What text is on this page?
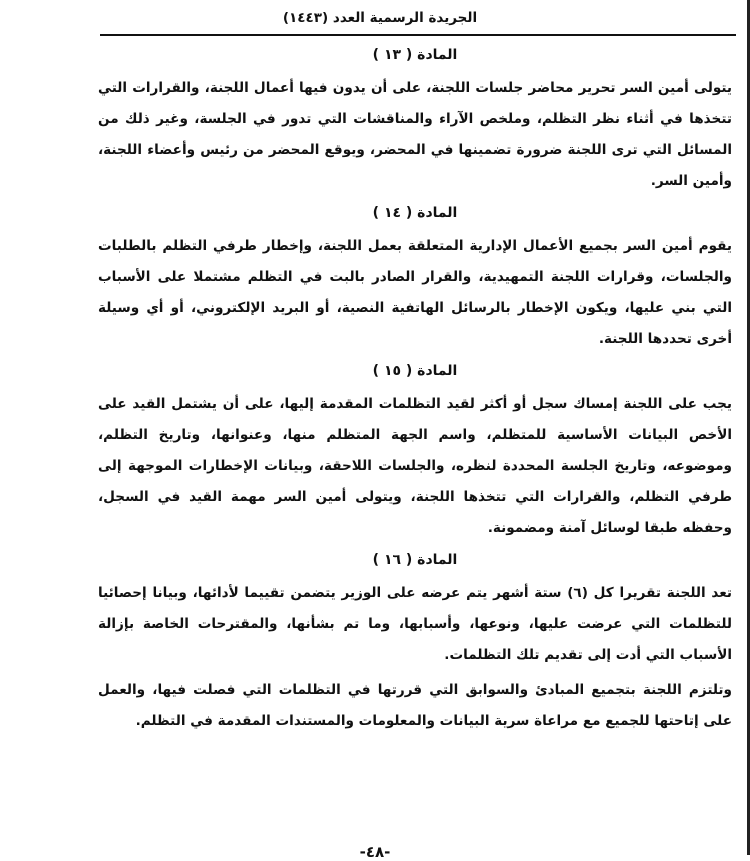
الجريدة الرسمية العدد (١٤٤٣)
المادة ( ١٣ )

يتولى أمين السر تحرير محاضر جلسات اللجنة، على أن يدون فيها أعمال اللجنة، والقرارات التي تتخذها في أثناء نظر التظلم، وملخص الآراء والمناقشات التي تدور في الجلسة، وغير ذلك من المسائل التي ترى اللجنة ضرورة تضمينها في المحضر، ويوقع المحضر من رئيس وأعضاء اللجنة، وأمين السر.

المادة ( ١٤ )

يقوم أمين السر بجميع الأعمال الإدارية المتعلقة بعمل اللجنة، وإخطار طرفي التظلم بالطلبات والجلسات، وقرارات اللجنة التمهيدية، والقرار الصادر بالبت في التظلم مشتملا على الأسباب التي بني عليها، ويكون الإخطار بالرسائل الهاتفية النصية، أو البريد الإلكتروني، أو أي وسيلة أخرى تحددها اللجنة.

المادة ( ١٥ )

يجب على اللجنة إمساك سجل أو أكثر لقيد التظلمات المقدمة إليها، على أن يشتمل القيد على الأخص البيانات الأساسية للمتظلم، واسم الجهة المتظلم منها، وعنوانها، وتاريخ التظلم، وموضوعه، وتاريخ الجلسة المحددة لنظره، والجلسات اللاحقة، وبيانات الإخطارات الموجهة إلى طرفي التظلم، والقرارات التي تتخذها اللجنة، ويتولى أمين السر مهمة القيد في السجل، وحفظه طبقا لوسائل آمنة ومضمونة.

المادة ( ١٦ )

تعد اللجنة تقريرا كل (٦) ستة أشهر يتم عرضه على الوزير يتضمن تقييما لأدائها، وبيانا إحصائيا للتظلمات التي عرضت عليها، ونوعها، وأسبابها، وما تم بشأنها، والمقترحات الخاصة بإزالة الأسباب التي أدت إلى تقديم تلك التظلمات.

وتلتزم اللجنة بتجميع المبادئ والسوابق التي قررتها في التظلمات التي فصلت فيها، والعمل على إتاحتها للجميع مع مراعاة سرية البيانات والمعلومات والمستندات المقدمة في التظلم.

-٤٨-
